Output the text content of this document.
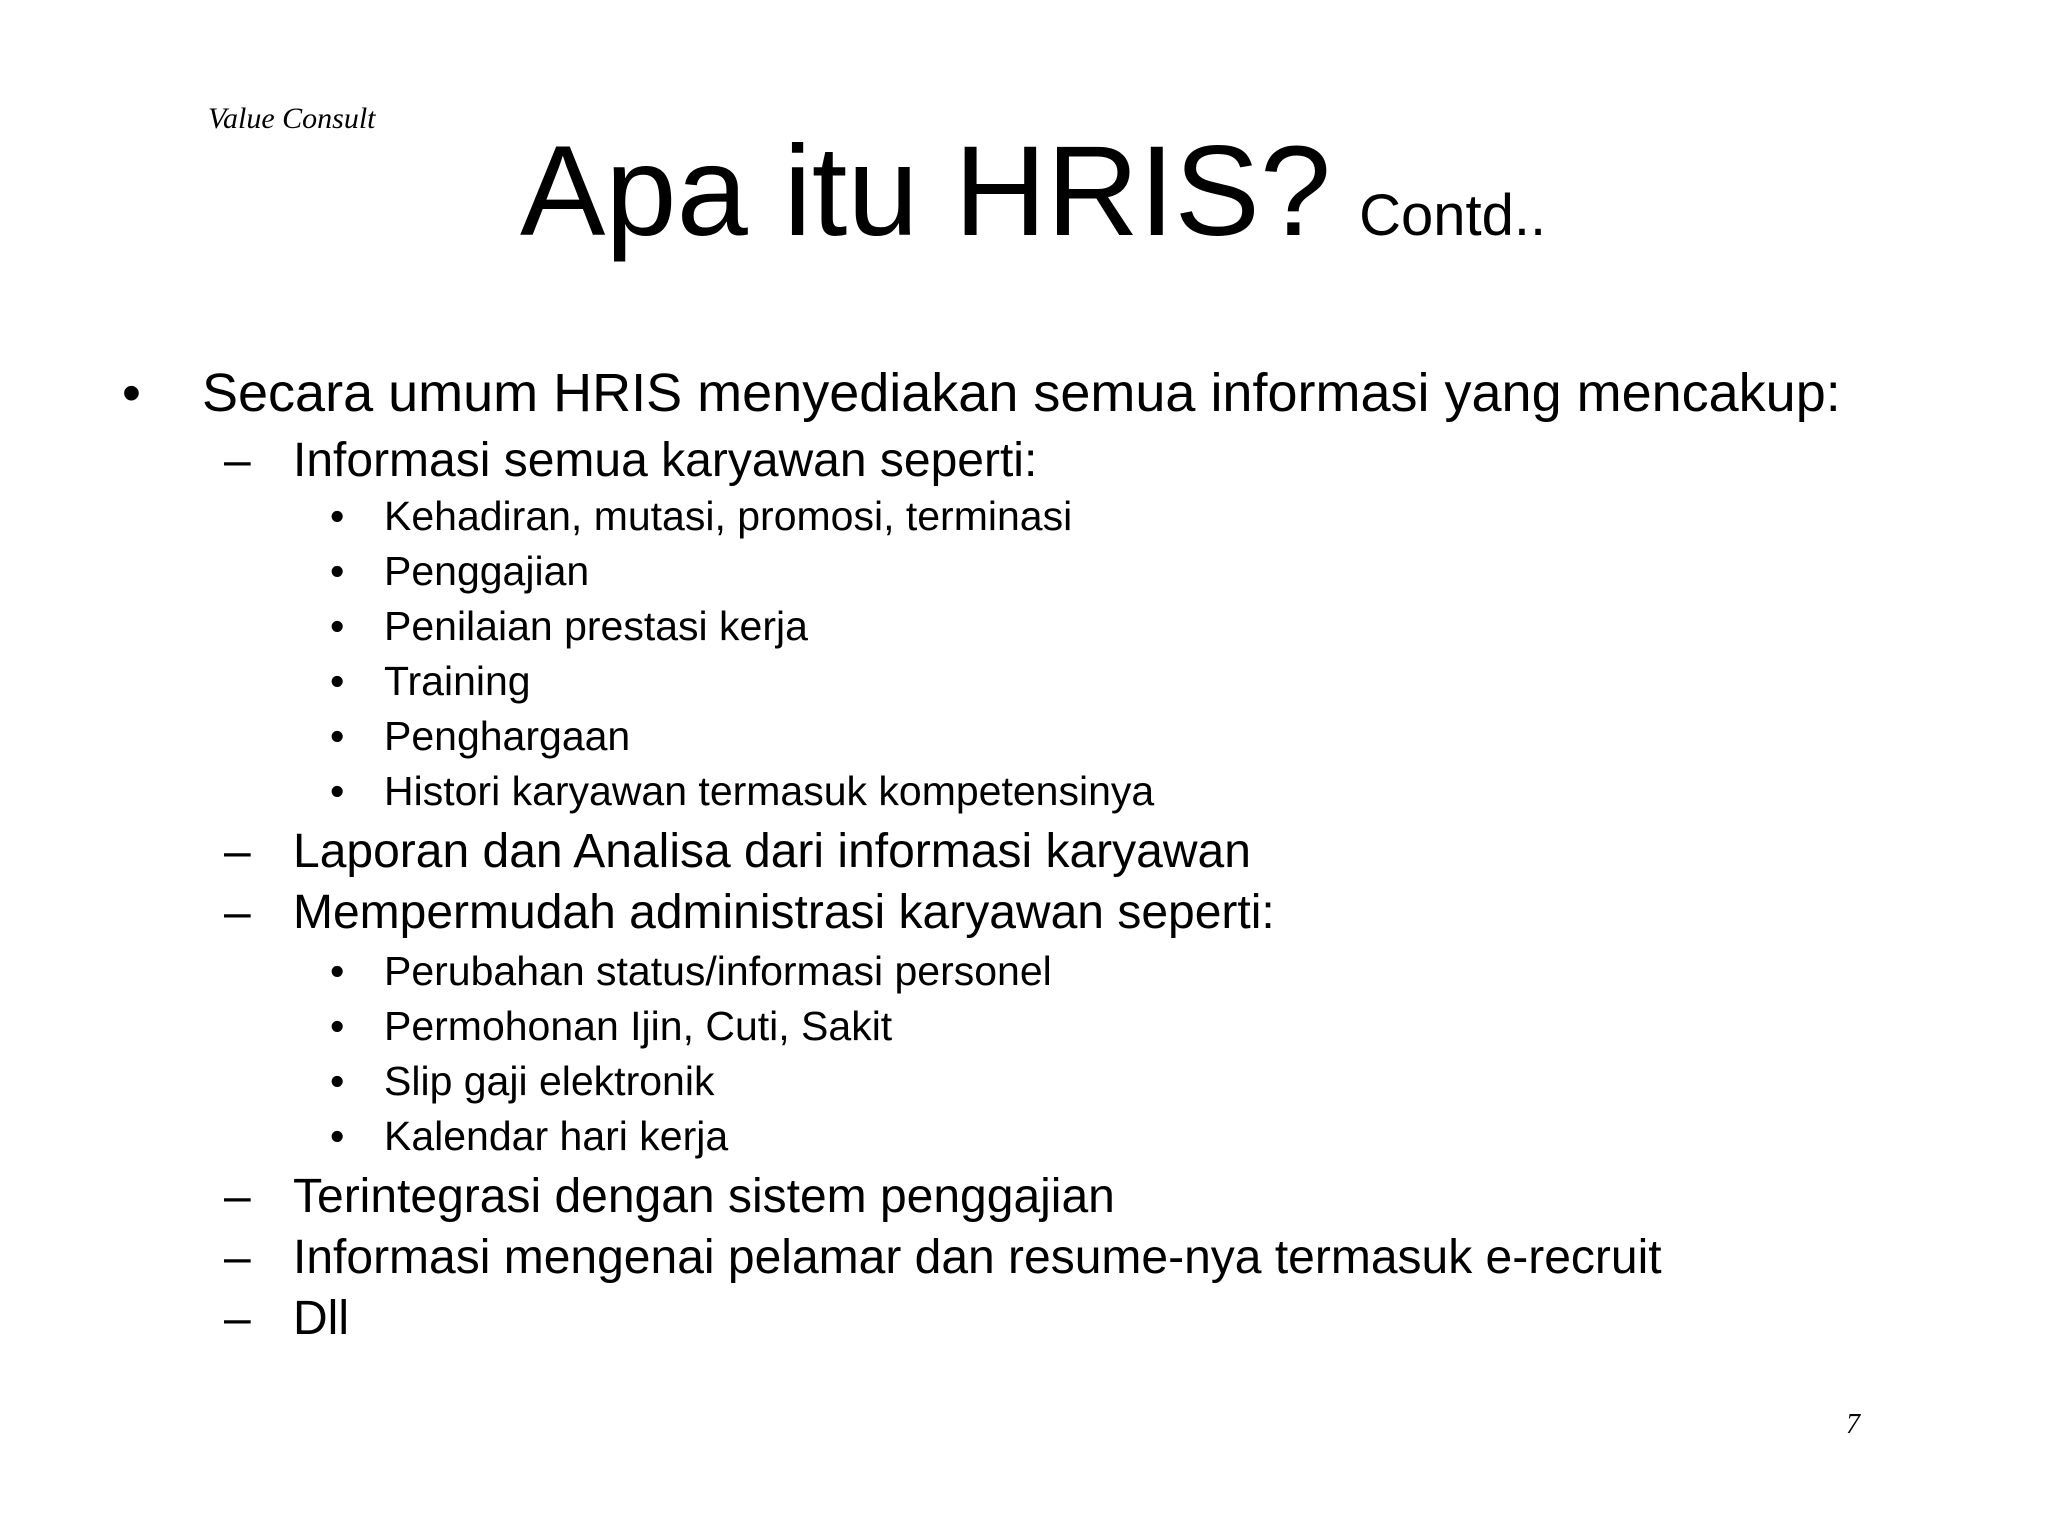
Value Consult
Apa itu HRIS? Contd..
• Secara umum HRIS menyediakan semua informasi yang mencakup:
– Informasi semua karyawan seperti:
• Kehadiran, mutasi, promosi, terminasi
• Penggajian
• Penilaian prestasi kerja
• Training
• Penghargaan
• Histori karyawan termasuk kompetensinya
– Laporan dan Analisa dari informasi karyawan
– Mempermudah administrasi karyawan seperti:
• Perubahan status/informasi personel
• Permohonan Ijin, Cuti, Sakit
• Slip gaji elektronik
• Kalendar hari kerja
– Terintegrasi dengan sistem penggajian
– Informasi mengenai pelamar dan resume-nya termasuk e-recruit
– Dll
7
